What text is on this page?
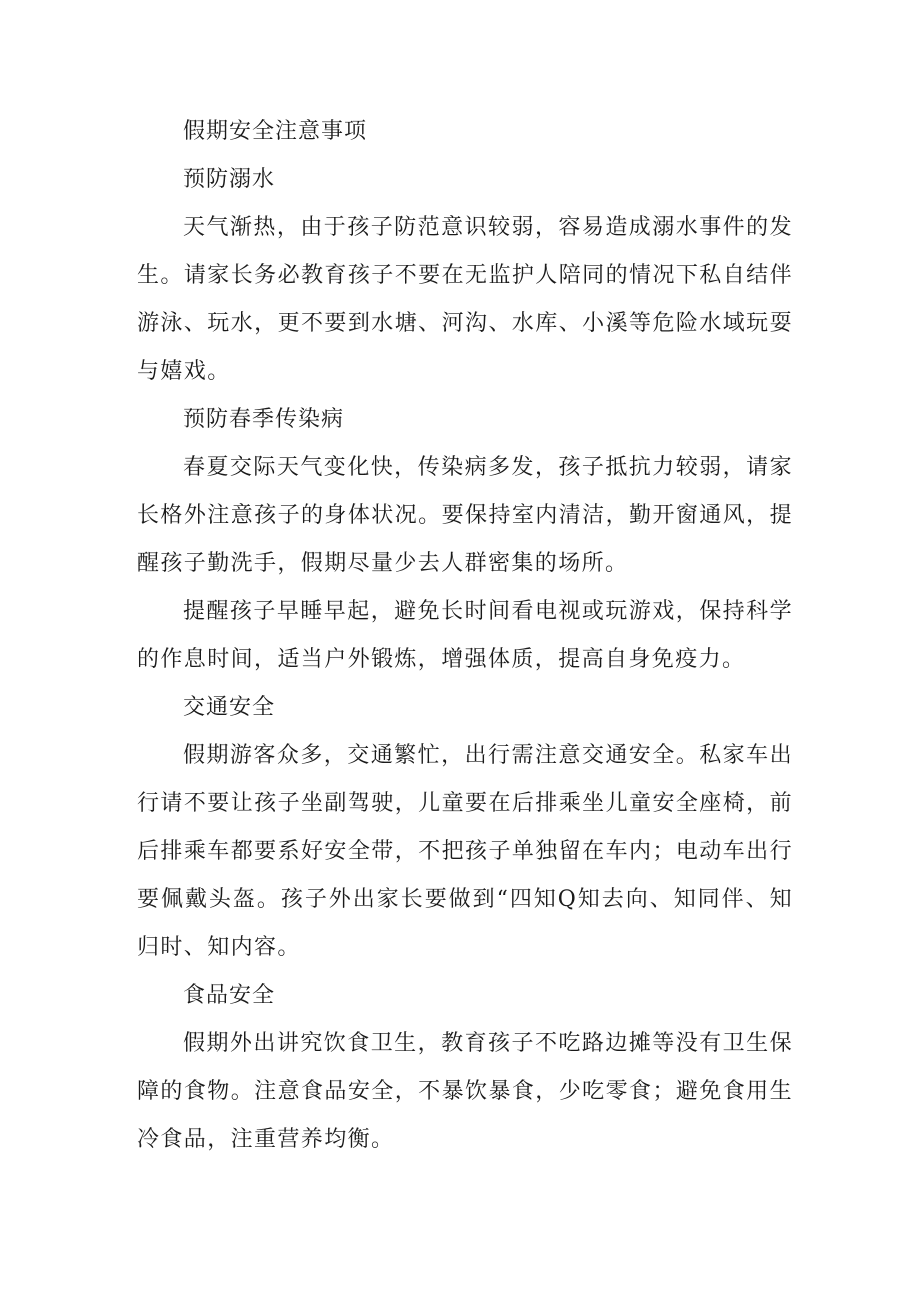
假期安全注意事项

预防溺水

天气渐热，由于孩子防范意识较弱，容易造成溺水事件的发生。请家长务必教育孩子不要在无监护人陪同的情况下私自结伴游泳、玩水，更不要到水塘、河沟、水库、小溪等危险水域玩耍与嬉戏。

预防春季传染病

春夏交际天气变化快，传染病多发，孩子抵抗力较弱，请家长格外注意孩子的身体状况。要保持室内清洁，勤开窗通风，提醒孩子勤洗手，假期尽量少去人群密集的场所。

提醒孩子早睡早起，避免长时间看电视或玩游戏，保持科学的作息时间，适当户外锻炼，增强体质，提高自身免疫力。

交通安全

假期游客众多，交通繁忙，出行需注意交通安全。私家车出行请不要让孩子坐副驾驶，儿童要在后排乘坐儿童安全座椅，前后排乘车都要系好安全带，不把孩子单独留在车内；电动车出行要佩戴头盔。孩子外出家长要做到“四知Q知去向、知同伴、知归时、知内容。

食品安全

假期外出讲究饮食卫生，教育孩子不吃路边摊等没有卫生保障的食物。注意食品安全，不暴饮暴食，少吃零食；避免食用生冷食品，注重营养均衡。
